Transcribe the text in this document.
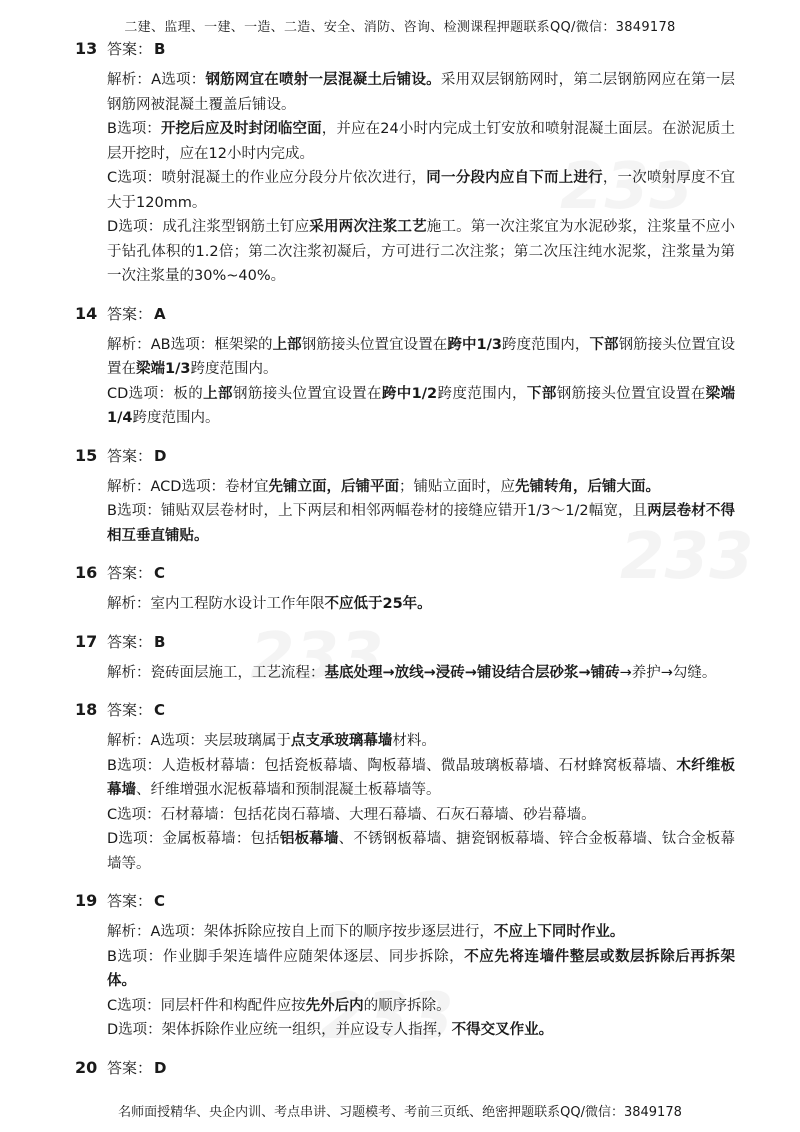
二建、监理、一建、一造、二造、安全、消防、咨询、检测课程押题联系QQ/微信：3849178
13 答案： B
解析：A选项：钢筋网宜在喷射一层混凝土后铺设。采用双层钢筋网时，第二层钢筋网应在第一层钢筋网被混凝土覆盖后铺设。
B选项：开挖后应及时封闭临空面，并应在24小时内完成土钉安放和喷射混凝土面层。在淤泥质土层开挖时，应在12小时内完成。
C选项：喷射混凝土的作业应分段分片依次进行，同一分段内应自下而上进行，一次喷射厚度不宜大于120mm。
D选项：成孔注浆型钢筋土钉应采用两次注浆工艺施工。第一次注浆宜为水泥砂浆，注浆量不应小于钻孔体积的1.2倍；第二次注浆初凝后，方可进行二次注浆；第二次压注纯水泥浆，注浆量为第一次注浆量的30%~40%。
14 答案： A
解析：AB选项：框架梁的上部钢筋接头位置宜设置在跨中1/3跨度范围内，下部钢筋接头位置宜设置在梁端1/3跨度范围内。
CD选项：板的上部钢筋接头位置宜设置在跨中1/2跨度范围内，下部钢筋接头位置宜设置在梁端1/4跨度范围内。
15 答案： D
解析：ACD选项：卷材宜先铺立面，后铺平面；铺贴立面时，应先铺转角，后铺大面。
B选项：铺贴双层卷材时，上下两层和相邻两幅卷材的接缝应错开1/3～1/2幅宽，且两层卷材不得相互垂直铺贴。
16 答案： C
解析：室内工程防水设计工作年限不应低于25年。
17 答案： B
解析：瓷砖面层施工，工艺流程：基底处理→放线→浸砖→铺设结合层砂浆→铺砖→养护→勾缝。
18 答案： C
解析：A选项：夹层玻璃属于点支承玻璃幕墙材料。
B选项：人造板材幕墙：包括瓷板幕墙、陶板幕墙、微晶玻璃板幕墙、石材蜂窝板幕墙、木纤维板幕墙、纤维增强水泥板幕墙和预制混凝土板幕墙等。
C选项：石材幕墙：包括花岗石幕墙、大理石幕墙、石灰石幕墙、砂岩幕墙。
D选项：金属板幕墙：包括铝板幕墙、不锈钢板幕墙、搪瓷钢板幕墙、锌合金板幕墙、钛合金板幕墙等。
19 答案： C
解析：A选项：架体拆除应按自上而下的顺序按步逐层进行，不应上下同时作业。
B选项：作业脚手架连墙件应随架体逐层、同步拆除，不应先将连墙件整层或数层拆除后再拆架体。
C选项：同层杆件和构配件应按先外后内的顺序拆除。
D选项：架体拆除作业应统一组织，并应设专人指挥，不得交叉作业。
20 答案： D
名师面授精华、央企内训、考点串讲、习题模考、考前三页纸、绝密押题联系QQ/微信：3849178
